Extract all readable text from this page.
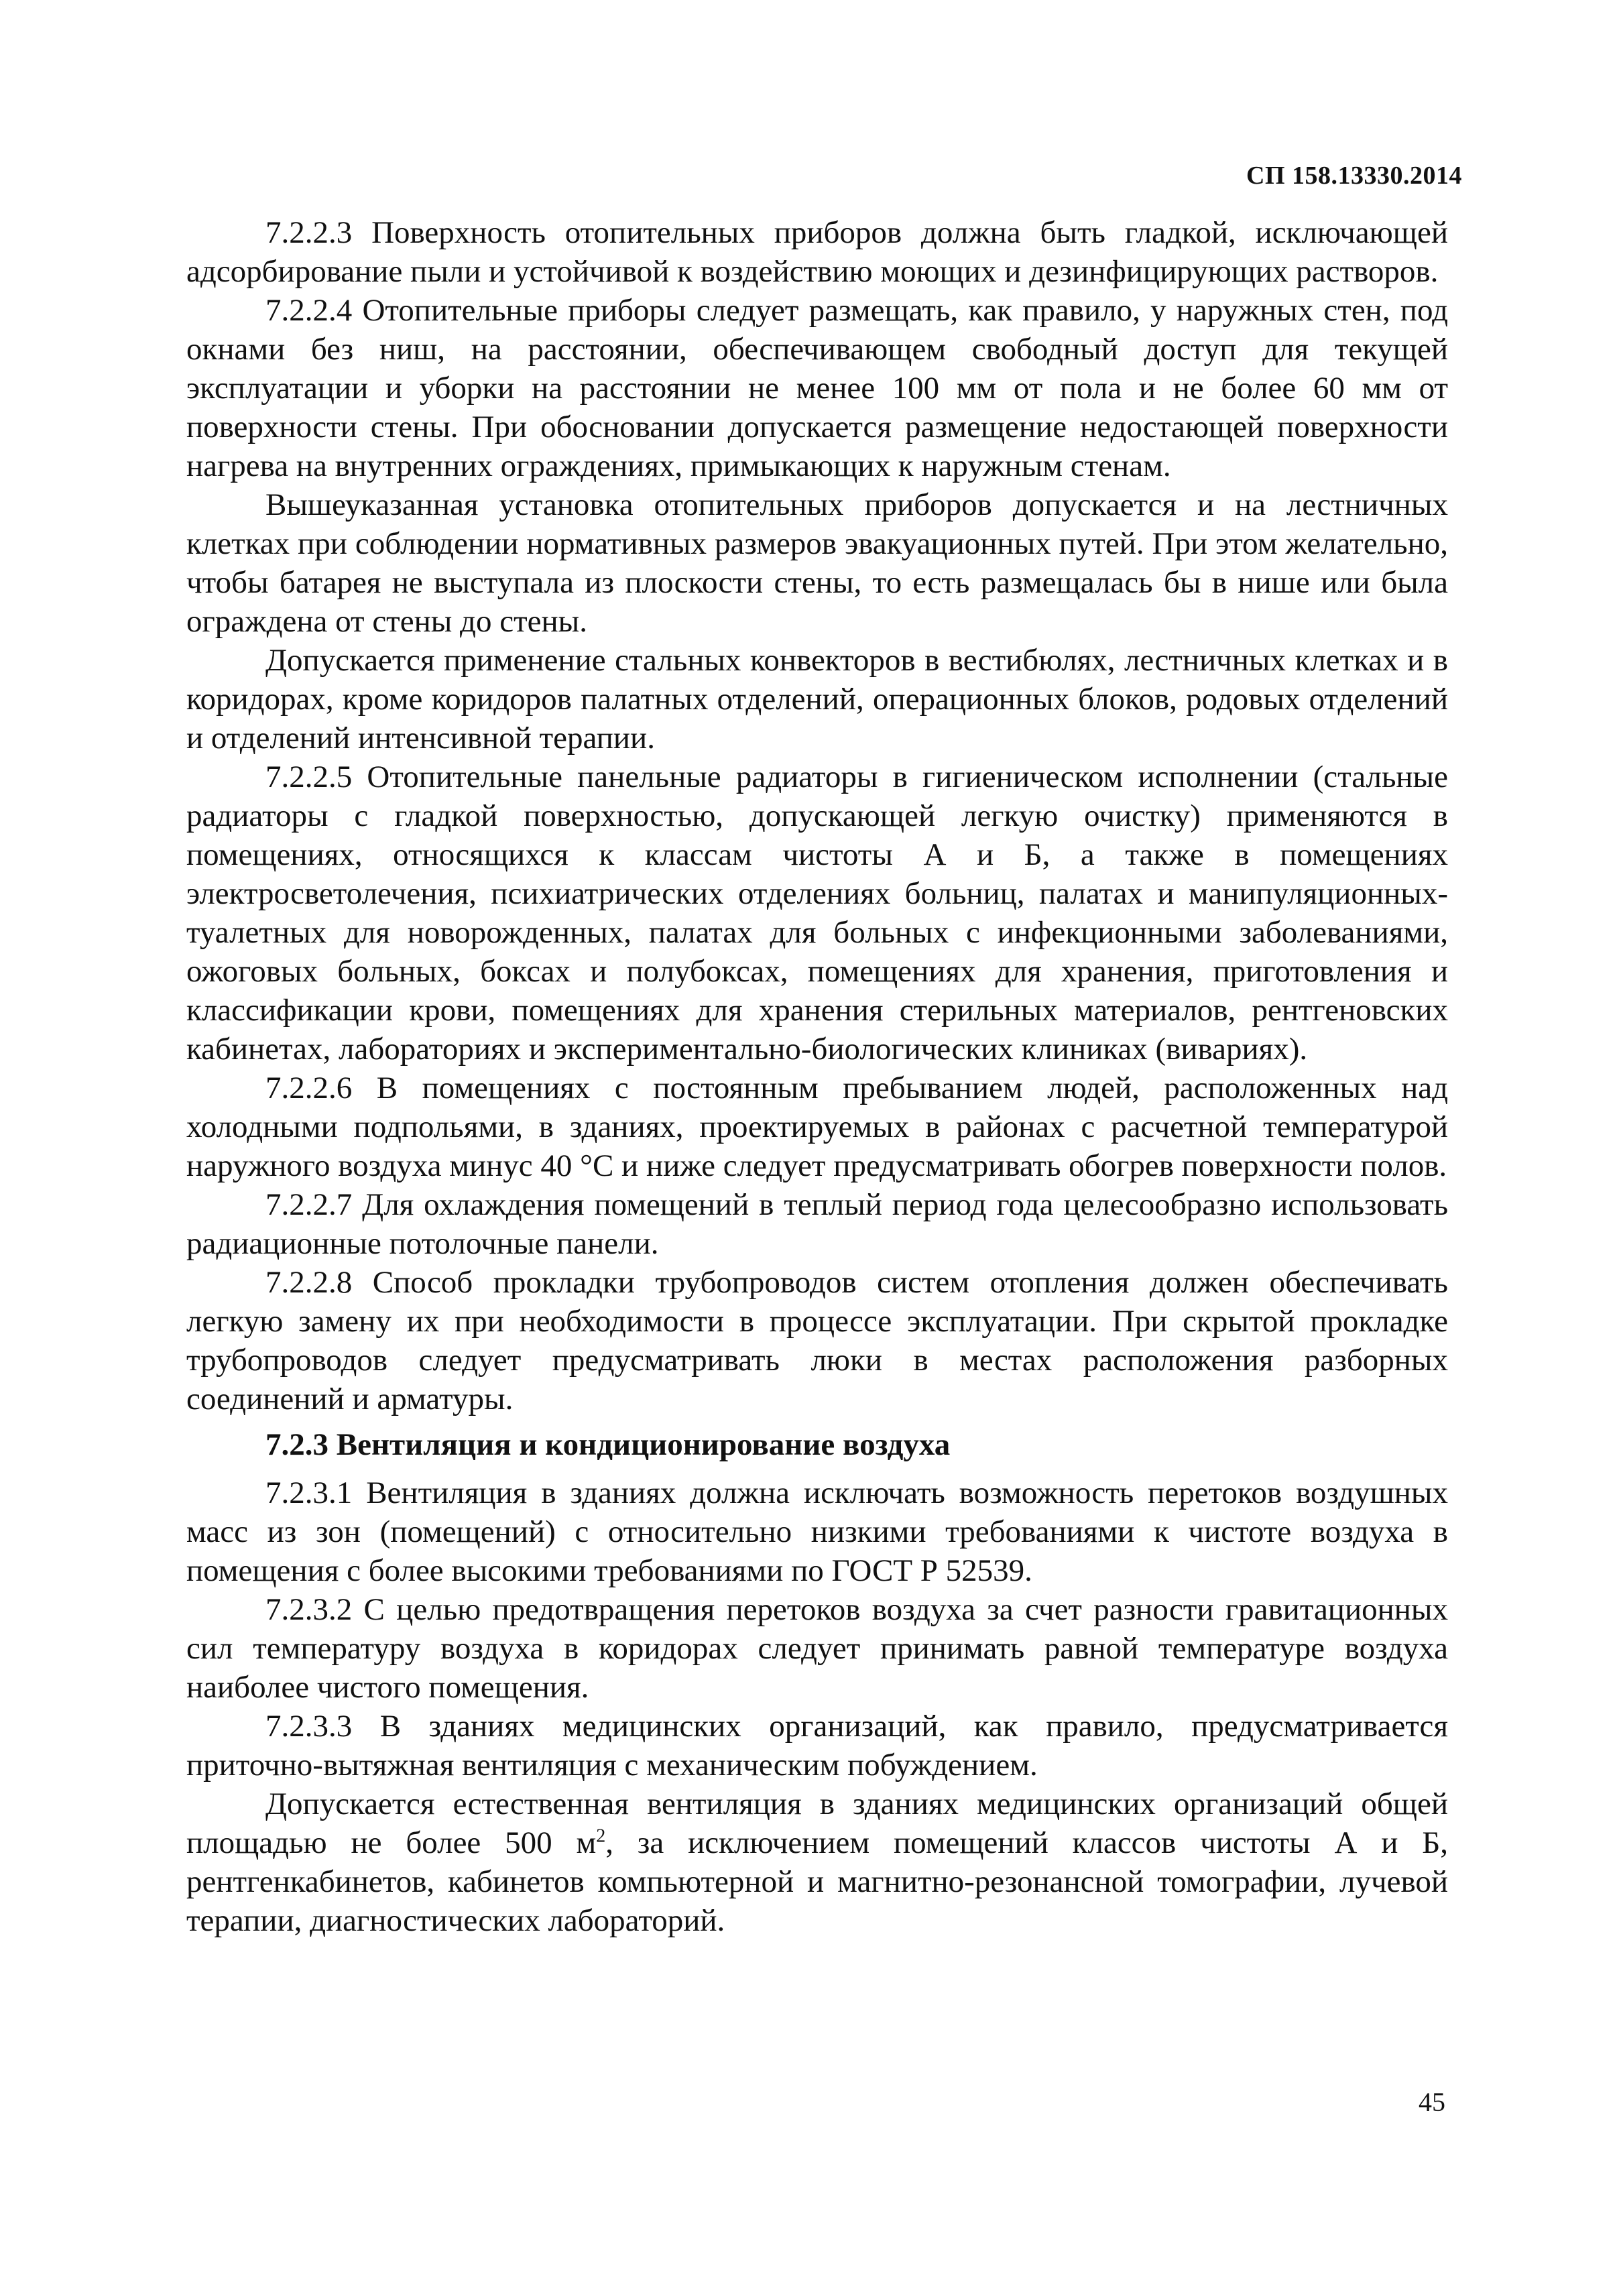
СП 158.13330.2014

7.2.2.3 Поверхность отопительных приборов должна быть гладкой, исключающей адсорбирование пыли и устойчивой к воздействию моющих и дезинфицирующих растворов.

7.2.2.4 Отопительные приборы следует размещать, как правило, у наружных стен, под окнами без ниш, на расстоянии, обеспечивающем свободный доступ для текущей эксплуатации и уборки на расстоянии не менее 100 мм от пола и не более 60 мм от поверхности стены. При обосновании допускается размещение недостающей поверхности нагрева на внутренних ограждениях, примыкающих к наружным стенам.

Вышеуказанная установка отопительных приборов допускается и на лестничных клетках при соблюдении нормативных размеров эвакуационных путей. При этом желательно, чтобы батарея не выступала из плоскости стены, то есть размещалась бы в нише или была ограждена от стены до стены.

Допускается применение стальных конвекторов в вестибюлях, лестничных клетках и в коридорах, кроме коридоров палатных отделений, операционных блоков, родовых отделений и отделений интенсивной терапии.

7.2.2.5 Отопительные панельные радиаторы в гигиеническом исполнении (стальные радиаторы с гладкой поверхностью, допускающей легкую очистку) применяются в помещениях, относящихся к классам чистоты А и Б, а также в помещениях электросветолечения, психиатрических отделениях больниц, палатах и манипуляционных-туалетных для новорожденных, палатах для больных с инфекционными заболеваниями, ожоговых больных, боксах и полубоксах, помещениях для хранения, приготовления и классификации крови, помещениях для хранения стерильных материалов, рентгеновских кабинетах, лабораториях и экспериментально-биологических клиниках (вивариях).

7.2.2.6 В помещениях с постоянным пребыванием людей, расположенных над холодными подпольями, в зданиях, проектируемых в районах с расчетной температурой наружного воздуха минус 40 °С и ниже следует предусматривать обогрев поверхности полов.

7.2.2.7 Для охлаждения помещений в теплый период года целесообразно использовать радиационные потолочные панели.

7.2.2.8 Способ прокладки трубопроводов систем отопления должен обеспечивать легкую замену их при необходимости в процессе эксплуатации. При скрытой прокладке трубопроводов следует предусматривать люки в местах расположения разборных соединений и арматуры.

7.2.3 Вентиляция и кондиционирование воздуха

7.2.3.1 Вентиляция в зданиях должна исключать возможность перетоков воздушных масс из зон (помещений) с относительно низкими требованиями к чистоте воздуха в помещения с более высокими требованиями по ГОСТ Р 52539.

7.2.3.2 С целью предотвращения перетоков воздуха за счет разности гравитационных сил температуру воздуха в коридорах следует принимать равной температуре воздуха наиболее чистого помещения.

7.2.3.3 В зданиях медицинских организаций, как правило, предусматривается приточно-вытяжная вентиляция с механическим побуждением.

Допускается естественная вентиляция в зданиях медицинских организаций общей площадью не более 500 $м^2$, за исключением помещений классов чистоты А и Б, рентгенкабинетов, кабинетов компьютерной и магнитно-резонансной томографии, лучевой терапии, диагностических лабораторий.

45
